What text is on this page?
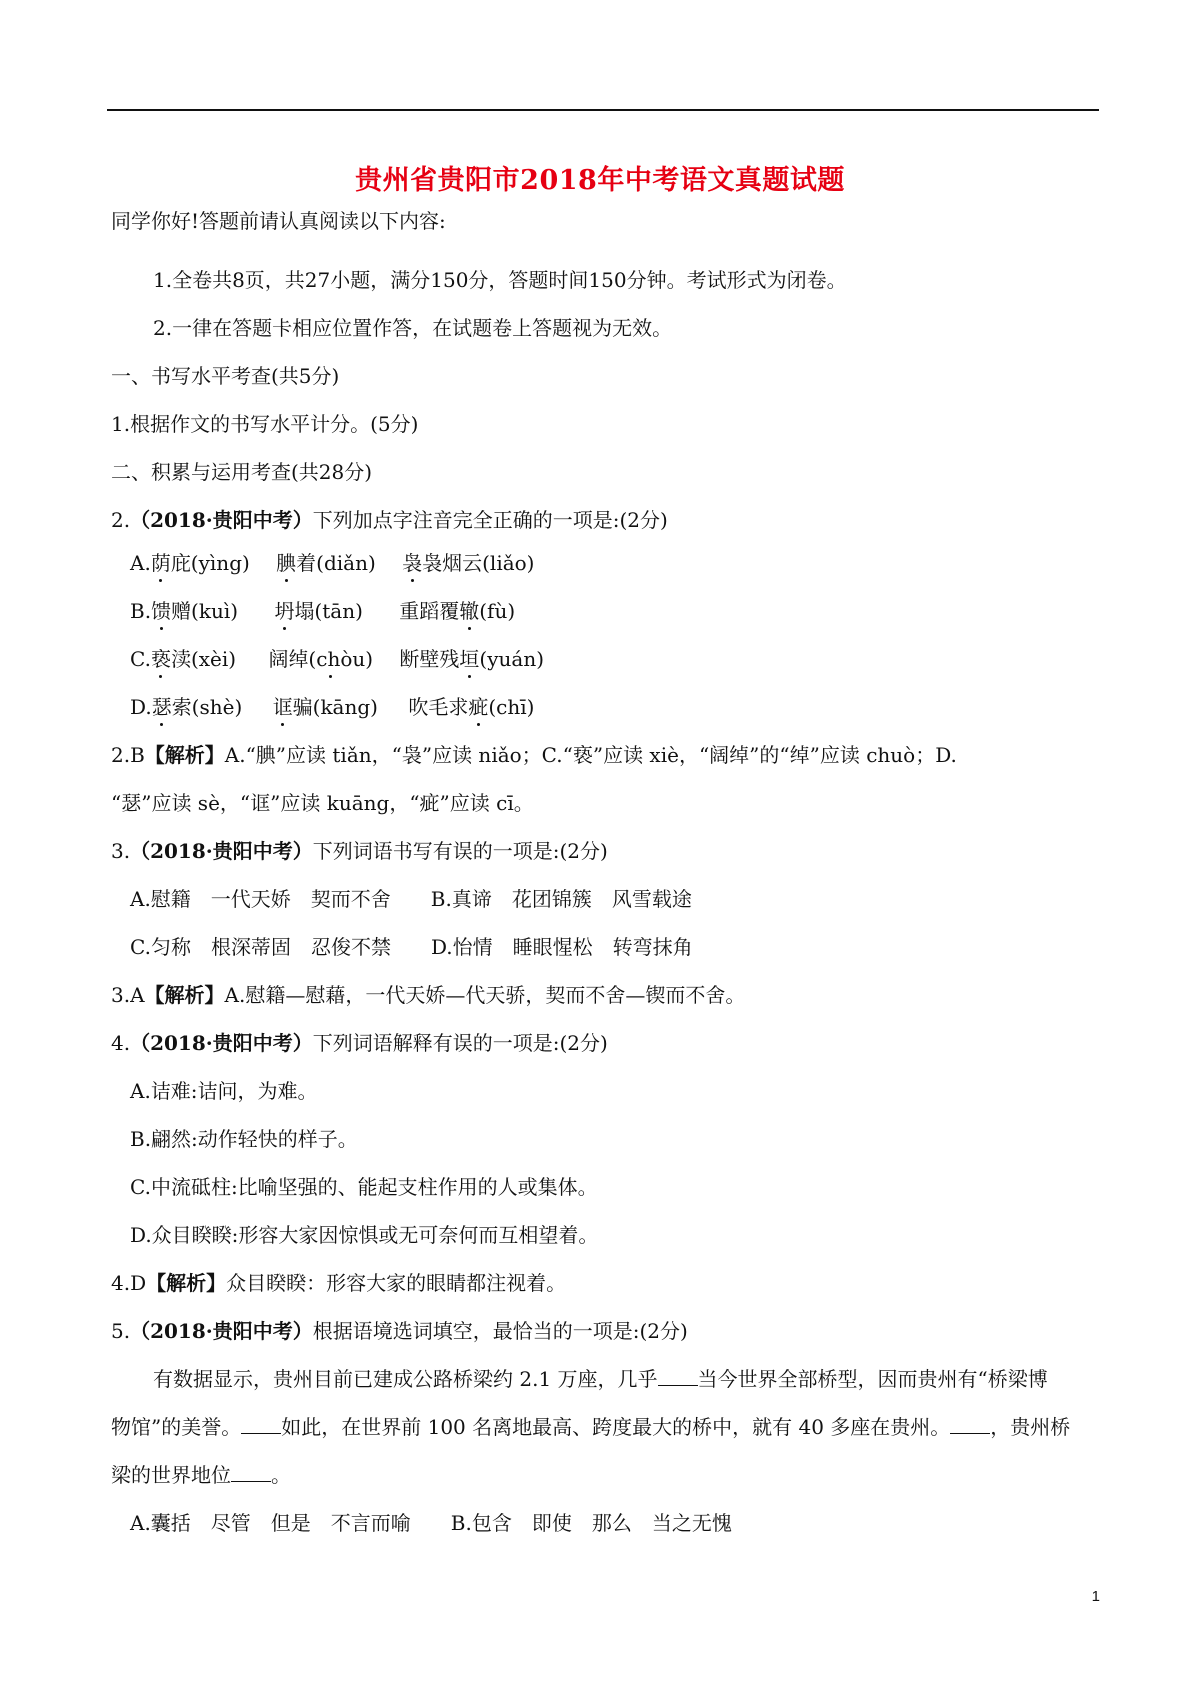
贵州省贵阳市2018年中考语文真题试题
同学你好!答题前请认真阅读以下内容:
1.全卷共8页，共27小题，满分150分，答题时间150分钟。考试形式为闭卷。
2.一律在答题卡相应位置作答，在试题卷上答题视为无效。
一、书写水平考查(共5分)
1.根据作文的书写水平计分。(5分)
二、积累与运用考查(共28分)
2.（2018·贵阳中考）下列加点字注音完全正确的一项是:(2分)
A.荫庇(yìng) 腆着(diǎn) 袅袅烟云(liǎo)
B.馈赠(kuì) 坍塌(tān) 重蹈覆辙(fù)
C.亵渎(xèi) 阔绰(chòu) 断壁残垣(yuán)
D.瑟索(shè) 诓骗(kāng) 吹毛求疵(chī)
2.B【解析】A.“腆”应读 tiǎn，“袅”应读 niǎo；C.“亵”应读 xiè，“阔绰”的“绰”应读 chuò；D.
“瑟”应读 sè，“诓”应读 kuāng，“疵”应读 cī。
3.（2018·贵阳中考）下列词语书写有误的一项是:(2分)
A.慰籍　一代天娇　契而不舍　　B.真谛　花团锦簇　风雪载途
C.匀称　根深蒂固　忍俊不禁　　D.怡情　睡眼惺松　转弯抹角
3.A【解析】A.慰籍—慰藉，一代天娇—代天骄，契而不舍—锲而不舍。
4.（2018·贵阳中考）下列词语解释有误的一项是:(2分)
A.诘难:诘问，为难。
B.翩然:动作轻快的样子。
C.中流砥柱:比喻坚强的、能起支柱作用的人或集体。
D.众目睽睽:形容大家因惊惧或无可奈何而互相望着。
4.D【解析】众目睽睽：形容大家的眼睛都注视着。
5.（2018·贵阳中考）根据语境选词填空，最恰当的一项是:(2分)
有数据显示，贵州目前已建成公路桥梁约 2.1 万座，几乎 当今世界全部桥型，因而贵州有“桥梁博
物馆”的美誉。 如此，在世界前 100 名离地最高、跨度最大的桥中，就有 40 多座在贵州。 ，贵州桥
梁的世界地位 。
A.囊括　尽管　但是　不言而喻　　B.包含　即使　那么　当之无愧
1
